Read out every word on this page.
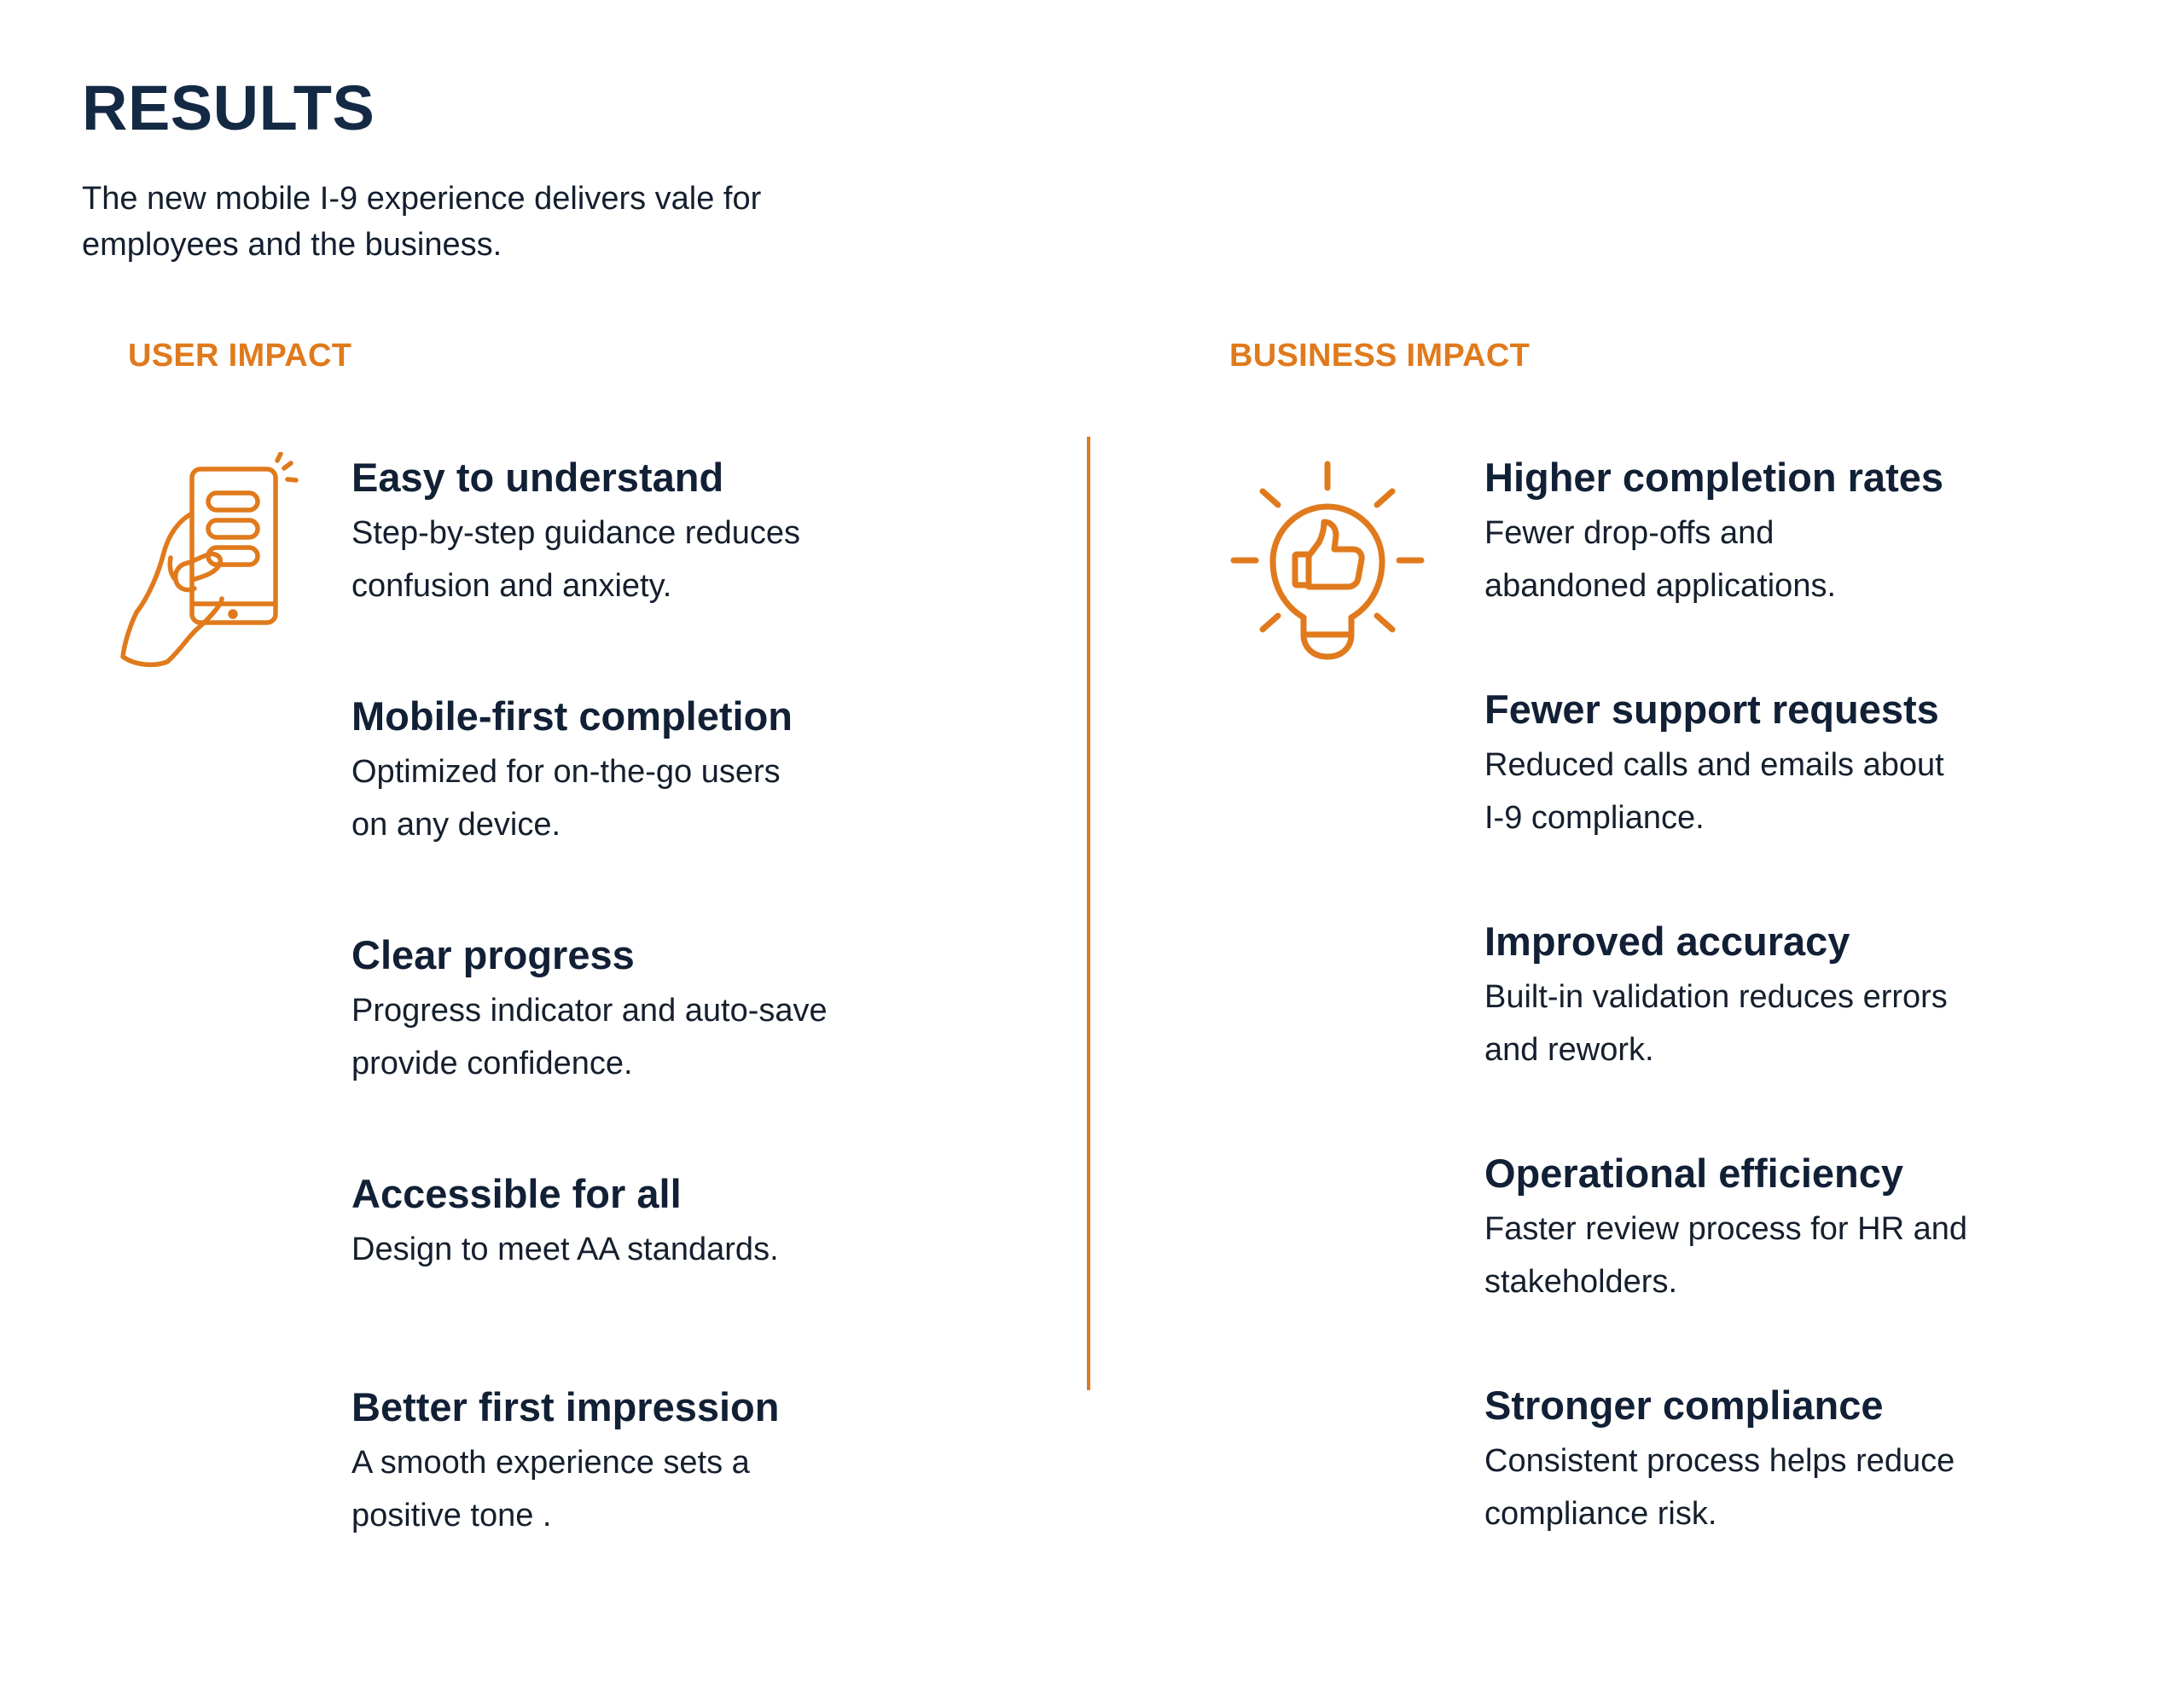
RESULTS

The new mobile I-9 experience delivers vale for
employees and the business.

USER IMPACT	BUSINESS IMPACT

Easy to understand

Step-by-step guidance reduces
confusion and anxiety.

Mobile-first completion

Optimized for on-the-go users
on any device.

Clear progress

Progress indicator and auto-save
provide confidence.

Accessible for all

Design to meet AA standards.

Better first impression

A smooth experience sets a
positive tone .

Higher completion rates

Fewer drop-offs and
abandoned applications.

Fewer support requests

Reduced calls and emails about
I-9 compliance.

Improved accuracy

Built-in validation reduces errors
and rework.

Operational efficiency

Faster review process for HR and
stakeholders.

Stronger compliance

Consistent process helps reduce
compliance risk.
